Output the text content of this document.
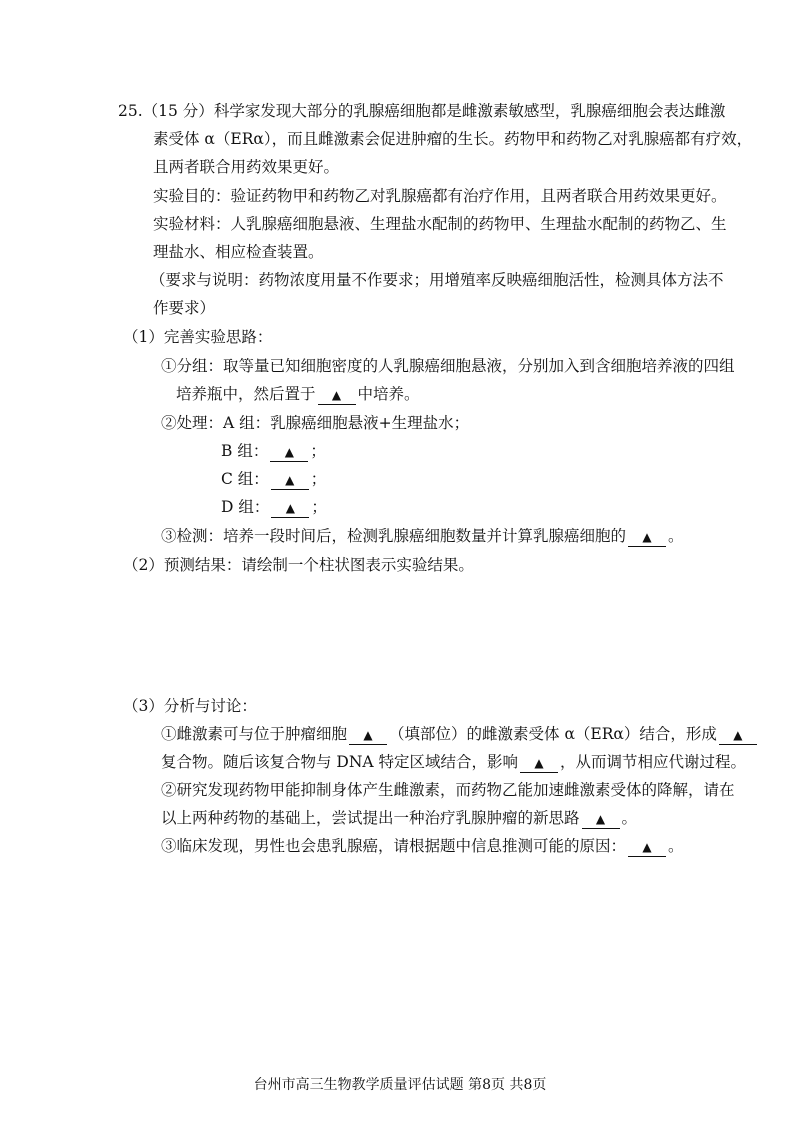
25.（15 分）科学家发现大部分的乳腺癌细胞都是雌激素敏感型，乳腺癌细胞会表达雌激
素受体 α（ERα），而且雌激素会促进肿瘤的生长。药物甲和药物乙对乳腺癌都有疗效，
且两者联合用药效果更好。
实验目的：验证药物甲和药物乙对乳腺癌都有治疗作用，且两者联合用药效果更好。
实验材料：人乳腺癌细胞悬液、生理盐水配制的药物甲、生理盐水配制的药物乙、生
理盐水、相应检查装置。
（要求与说明：药物浓度用量不作要求；用增殖率反映癌细胞活性，检测具体方法不
作要求）
（1）完善实验思路：
①分组：取等量已知细胞密度的人乳腺癌细胞悬液，分别加入到含细胞培养液的四组
培养瓶中，然后置于 ▲ 中培养。
②处理：A 组：乳腺癌细胞悬液+生理盐水；
B 组： ▲ ；
C 组： ▲ ；
D 组： ▲ ；
③检测：培养一段时间后，检测乳腺癌细胞数量并计算乳腺癌细胞的 ▲ 。
（2）预测结果：请绘制一个柱状图表示实验结果。
（3）分析与讨论：
①雌激素可与位于肿瘤细胞 ▲ （填部位）的雌激素受体 α（ERα）结合，形成 ▲
复合物。随后该复合物与 DNA 特定区域结合，影响 ▲ ，从而调节相应代谢过程。
②研究发现药物甲能抑制身体产生雌激素，而药物乙能加速雌激素受体的降解，请在
以上两种药物的基础上，尝试提出一种治疗乳腺肿瘤的新思路 ▲ 。
③临床发现，男性也会患乳腺癌，请根据题中信息推测可能的原因： ▲ 。
台州市高三生物教学质量评估试题 第8页 共8页
